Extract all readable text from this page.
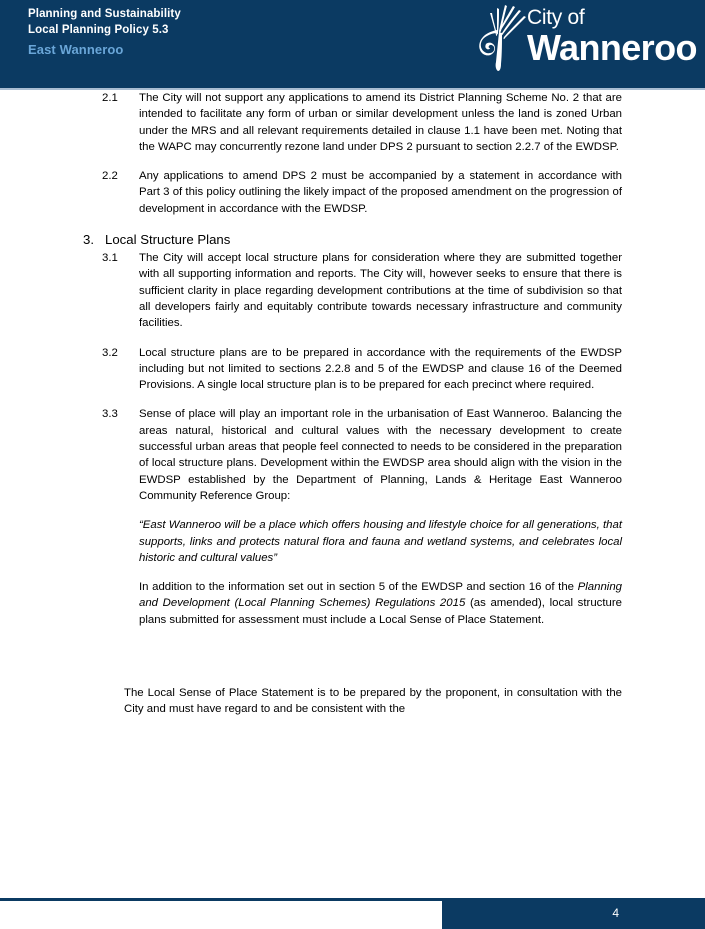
Planning and Sustainability
Local Planning Policy 5.3
East Wanneroo
City of
Wanneroo
2.1	The City will not support any applications to amend its District Planning Scheme No. 2 that are intended to facilitate any form of urban or similar development unless the land is zoned Urban under the MRS and all relevant requirements detailed in clause 1.1 have been met. Noting that the WAPC may concurrently rezone land under DPS 2 pursuant to section 2.2.7 of the EWDSP.
2.2	Any applications to amend DPS 2 must be accompanied by a statement in accordance with Part 3 of this policy outlining the likely impact of the proposed amendment on the progression of development in accordance with the EWDSP.
3. Local Structure Plans
3.1	The City will accept local structure plans for consideration where they are submitted together with all supporting information and reports. The City will, however seeks to ensure that there is sufficient clarity in place regarding development contributions at the time of subdivision so that all developers fairly and equitably contribute towards necessary infrastructure and community facilities.
3.2	Local structure plans are to be prepared in accordance with the requirements of the EWDSP including but not limited to sections 2.2.8 and 5 of the EWDSP and clause 16 of the Deemed Provisions. A single local structure plan is to be prepared for each precinct where required.
3.3	Sense of place will play an important role in the urbanisation of East Wanneroo. Balancing the areas natural, historical and cultural values with the necessary development to create successful urban areas that people feel connected to needs to be considered in the preparation of local structure plans. Development within the EWDSP area should align with the vision in the EWDSP established by the Department of Planning, Lands & Heritage East Wanneroo Community Reference Group:
“East Wanneroo will be a place which offers housing and lifestyle choice for all generations, that supports, links and protects natural flora and fauna and wetland systems, and celebrates local historic and cultural values”
In addition to the information set out in section 5 of the EWDSP and section 16 of the Planning and Development (Local Planning Schemes) Regulations 2015 (as amended), local structure plans submitted for assessment must include a Local Sense of Place Statement.
The Local Sense of Place Statement is to be prepared by the proponent, in consultation with the City and must have regard to and be consistent with the
4
